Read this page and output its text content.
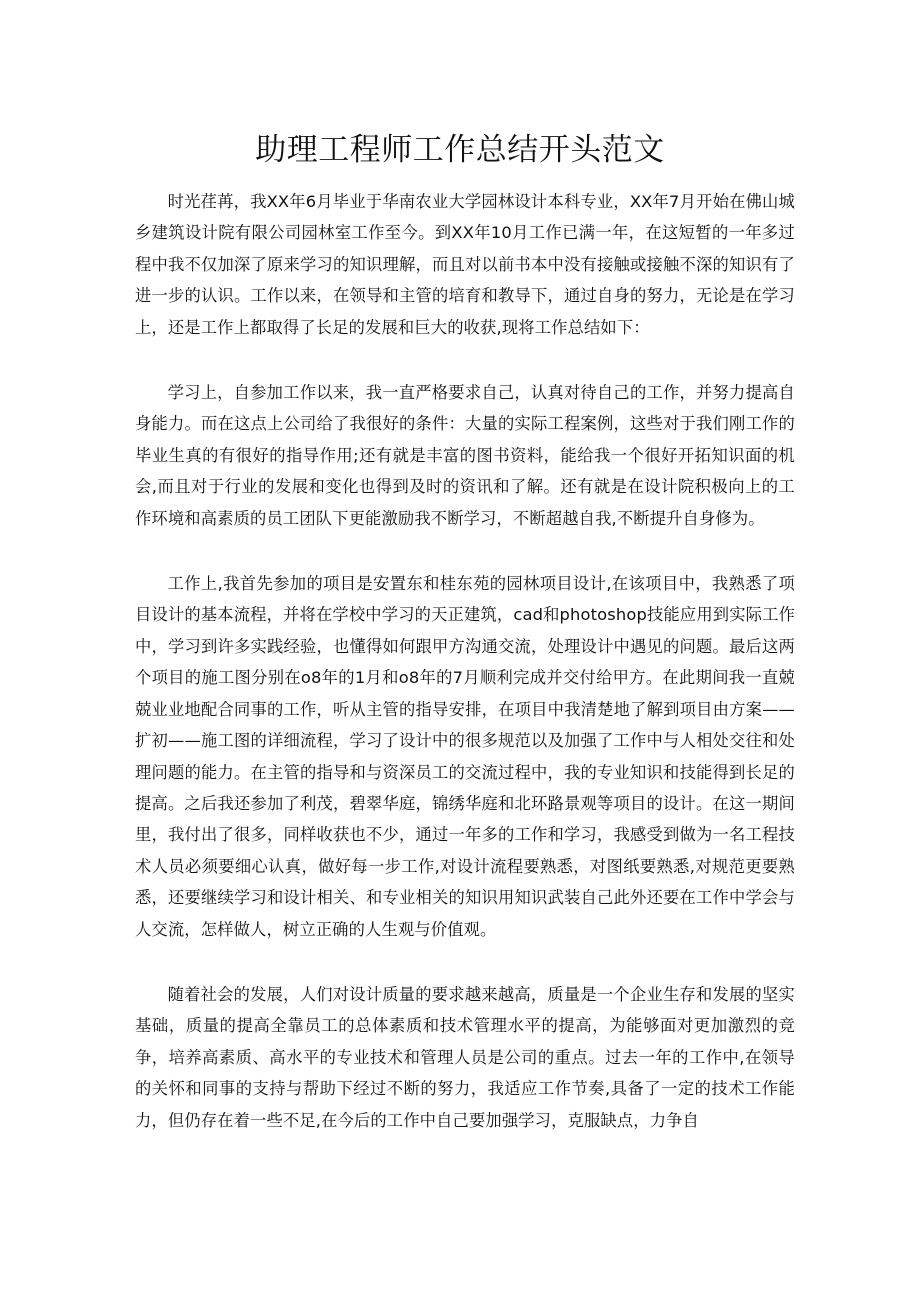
助理工程师工作总结开头范文

时光荏苒，我XX年6月毕业于华南农业大学园林设计本科专业，XX年7月开始在佛山城乡建筑设计院有限公司园林室工作至今。到XX年10月工作已满一年，在这短暂的一年多过程中我不仅加深了原来学习的知识理解，而且对以前书本中没有接触或接触不深的知识有了进一步的认识。工作以来，在领导和主管的培育和教导下，通过自身的努力，无论是在学习上，还是工作上都取得了长足的发展和巨大的收获,现将工作总结如下：

学习上，自参加工作以来，我一直严格要求自己，认真对待自己的工作，并努力提高自身能力。而在这点上公司给了我很好的条件：大量的实际工程案例，这些对于我们刚工作的毕业生真的有很好的指导作用;还有就是丰富的图书资料，能给我一个很好开拓知识面的机会,而且对于行业的发展和变化也得到及时的资讯和了解。还有就是在设计院积极向上的工作环境和高素质的员工团队下更能激励我不断学习，不断超越自我,不断提升自身修为。

工作上,我首先参加的项目是安置东和桂东苑的园林项目设计,在该项目中，我熟悉了项目设计的基本流程，并将在学校中学习的天正建筑，cad和photoshop技能应用到实际工作中，学习到许多实践经验，也懂得如何跟甲方沟通交流，处理设计中遇见的问题。最后这两个项目的施工图分别在o8年的1月和o8年的7月顺利完成并交付给甲方。在此期间我一直兢兢业业地配合同事的工作，听从主管的指导安排，在项目中我清楚地了解到项目由方案——扩初——施工图的详细流程，学习了设计中的很多规范以及加强了工作中与人相处交往和处理问题的能力。在主管的指导和与资深员工的交流过程中，我的专业知识和技能得到长足的提高。之后我还参加了利茂，碧翠华庭，锦绣华庭和北环路景观等项目的设计。在这一期间里，我付出了很多，同样收获也不少，通过一年多的工作和学习，我感受到做为一名工程技术人员必须要细心认真，做好每一步工作,对设计流程要熟悉，对图纸要熟悉,对规范更要熟悉，还要继续学习和设计相关、和专业相关的知识用知识武装自己此外还要在工作中学会与人交流，怎样做人，树立正确的人生观与价值观。

随着社会的发展，人们对设计质量的要求越来越高，质量是一个企业生存和发展的坚实基础，质量的提高全靠员工的总体素质和技术管理水平的提高，为能够面对更加激烈的竞争，培养高素质、高水平的专业技术和管理人员是公司的重点。过去一年的工作中,在领导的关怀和同事的支持与帮助下经过不断的努力，我适应工作节奏,具备了一定的技术工作能力，但仍存在着一些不足,在今后的工作中自己要加强学习，克服缺点，力争自
